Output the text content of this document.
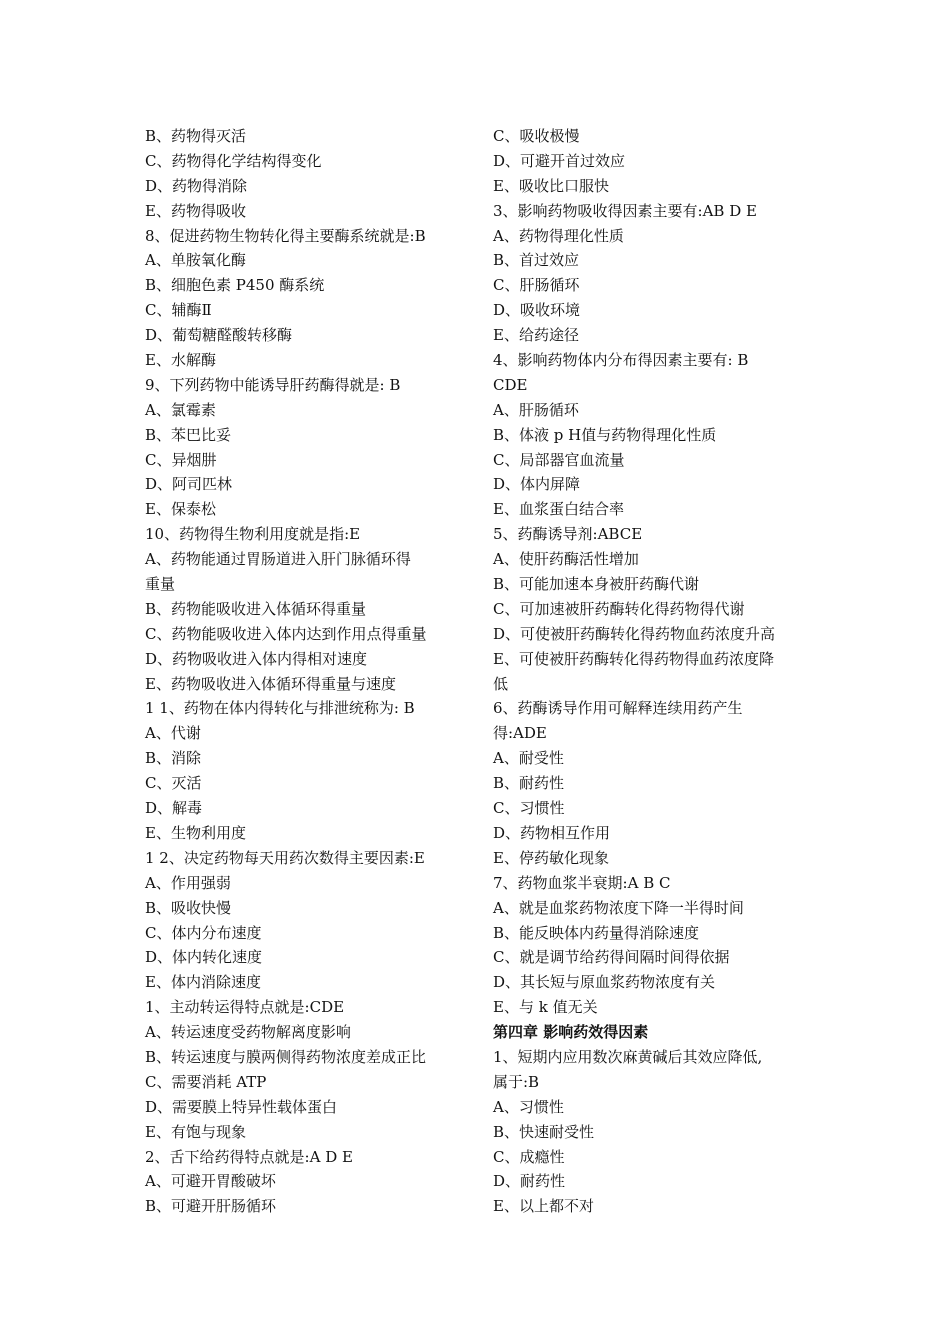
B、药物得灭活
C、药物得化学结构得变化
D、药物得消除
E、药物得吸收
8、促进药物生物转化得主要酶系统就是:B
A、单胺氧化酶
B、细胞色素 P450 酶系统
C、辅酶Ⅱ
D、葡萄糖醛酸转移酶
E、水解酶
9、下列药物中能诱导肝药酶得就是: B
A、氯霉素
B、苯巴比妥
C、异烟肼
D、阿司匹林
E、保泰松
10、药物得生物利用度就是指:E
A、药物能通过胃肠道进入肝门脉循环得
重量
B、药物能吸收进入体循环得重量
C、药物能吸收进入体内达到作用点得重量
D、药物吸收进入体内得相对速度
E、药物吸收进入体循环得重量与速度
1 1、药物在体内得转化与排泄统称为: B
A、代谢
B、消除
C、灭活
D、解毒
E、生物利用度
1 2、决定药物每天用药次数得主要因素:E
A、作用强弱
B、吸收快慢
C、体内分布速度
D、体内转化速度
E、体内消除速度
1、主动转运得特点就是:CDE
A、转运速度受药物解离度影响
B、转运速度与膜两侧得药物浓度差成正比
C、需要消耗 ATP
D、需要膜上特异性载体蛋白
E、有饱与现象
2、舌下给药得特点就是:A D E
A、可避开胃酸破坏
B、可避开肝肠循环
C、吸收极慢
D、可避开首过效应
E、吸收比口服快
3、影响药物吸收得因素主要有:AB D E
A、药物得理化性质
B、首过效应
C、肝肠循环
D、吸收环境
E、给药途径
4、影响药物体内分布得因素主要有: B
CDE
A、肝肠循环
B、体液 p H值与药物得理化性质
C、局部器官血流量
D、体内屏障
E、血浆蛋白结合率
5、药酶诱导剂:ABCE
A、使肝药酶活性增加
B、可能加速本身被肝药酶代谢
C、可加速被肝药酶转化得药物得代谢
D、可使被肝药酶转化得药物血药浓度升高
E、可使被肝药酶转化得药物得血药浓度降
低
6、药酶诱导作用可解释连续用药产生
得:ADE
A、耐受性
B、耐药性
C、习惯性
D、药物相互作用
E、停药敏化现象
7、药物血浆半衰期:A B C
A、就是血浆药物浓度下降一半得时间
B、能反映体内药量得消除速度
C、就是调节给药得间隔时间得依据
D、其长短与原血浆药物浓度有关
E、与 k 值无关
第四章 影响药效得因素
1、短期内应用数次麻黄碱后其效应降低,
属于:B
A、习惯性
B、快速耐受性
C、成瘾性
D、耐药性
E、以上都不对
